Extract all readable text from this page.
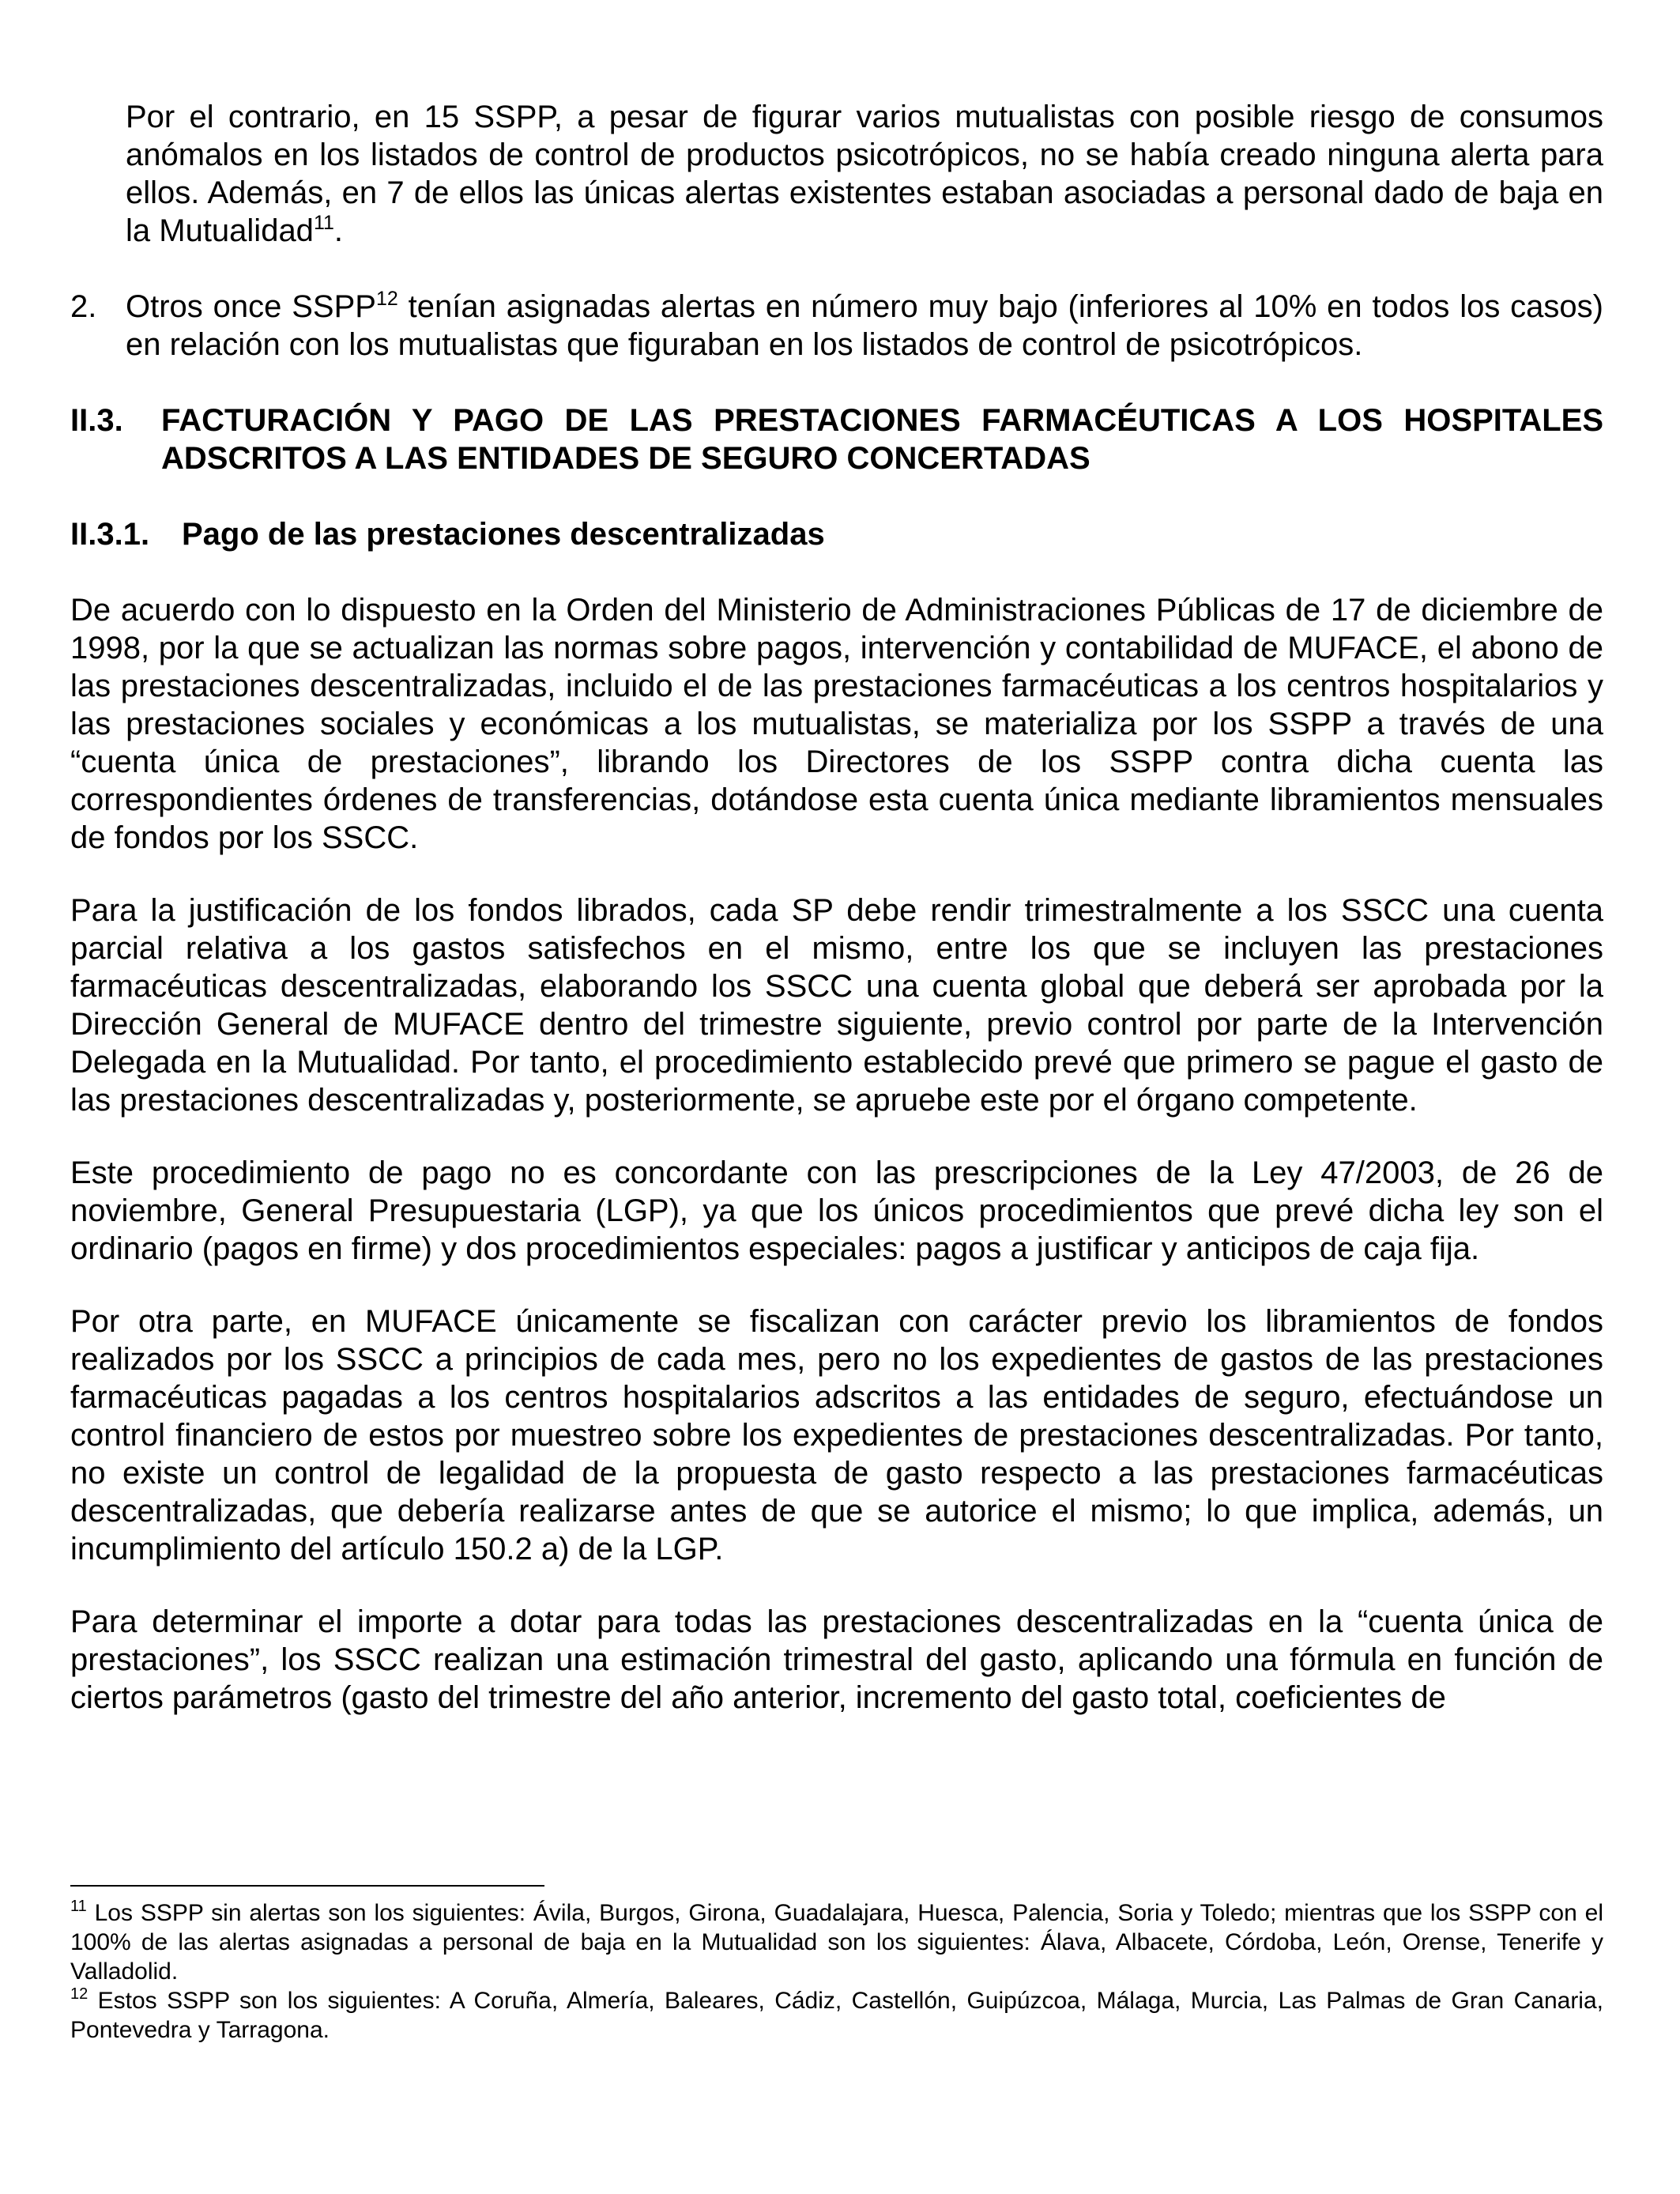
Por el contrario, en 15 SSPP, a pesar de figurar varios mutualistas con posible riesgo de consumos anómalos en los listados de control de productos psicotrópicos, no se había creado ninguna alerta para ellos. Además, en 7 de ellos las únicas alertas existentes estaban asociadas a personal dado de baja en la Mutualidad$^{11}$.

2. Otros once SSPP$^{12}$ tenían asignadas alertas en número muy bajo (inferiores al 10% en todos los casos) en relación con los mutualistas que figuraban en los listados de control de psicotrópicos.

II.3.	FACTURACIÓN Y PAGO DE LAS PRESTACIONES FARMACÉUTICAS A LOS HOSPITALES ADSCRITOS A LAS ENTIDADES DE SEGURO CONCERTADAS
II.3.1.	Pago de las prestaciones descentralizadas

De acuerdo con lo dispuesto en la Orden del Ministerio de Administraciones Públicas de 17 de diciembre de 1998, por la que se actualizan las normas sobre pagos, intervención y contabilidad de MUFACE, el abono de las prestaciones descentralizadas, incluido el de las prestaciones farmacéuticas a los centros hospitalarios y las prestaciones sociales y económicas a los mutualistas, se materializa por los SSPP a través de una “cuenta única de prestaciones”, librando los Directores de los SSPP contra dicha cuenta las correspondientes órdenes de transferencias, dotándose esta cuenta única mediante libramientos mensuales de fondos por los SSCC.

Para la justificación de los fondos librados, cada SP debe rendir trimestralmente a los SSCC una cuenta parcial relativa a los gastos satisfechos en el mismo, entre los que se incluyen las prestaciones farmacéuticas descentralizadas, elaborando los SSCC una cuenta global que deberá ser aprobada por la Dirección General de MUFACE dentro del trimestre siguiente, previo control por parte de la Intervención Delegada en la Mutualidad. Por tanto, el procedimiento establecido prevé que primero se pague el gasto de las prestaciones descentralizadas y, posteriormente, se apruebe este por el órgano competente.

Este procedimiento de pago no es concordante con las prescripciones de la Ley 47/2003, de 26 de noviembre, General Presupuestaria (LGP), ya que los únicos procedimientos que prevé dicha ley son el ordinario (pagos en firme) y dos procedimientos especiales: pagos a justificar y anticipos de caja fija.

Por otra parte, en MUFACE únicamente se fiscalizan con carácter previo los libramientos de fondos realizados por los SSCC a principios de cada mes, pero no los expedientes de gastos de las prestaciones farmacéuticas pagadas a los centros hospitalarios adscritos a las entidades de seguro, efectuándose un control financiero de estos por muestreo sobre los expedientes de prestaciones descentralizadas. Por tanto, no existe un control de legalidad de la propuesta de gasto respecto a las prestaciones farmacéuticas descentralizadas, que debería realizarse antes de que se autorice el mismo; lo que implica, además, un incumplimiento del artículo 150.2 a) de la LGP.

Para determinar el importe a dotar para todas las prestaciones descentralizadas en la “cuenta única de prestaciones”, los SSCC realizan una estimación trimestral del gasto, aplicando una fórmula en función de ciertos parámetros (gasto del trimestre del año anterior, incremento del gasto total, coeficientes de

$^{11}$ Los SSPP sin alertas son los siguientes: Ávila, Burgos, Girona, Guadalajara, Huesca, Palencia, Soria y Toledo; mientras que los SSPP con el 100% de las alertas asignadas a personal de baja en la Mutualidad son los siguientes: Álava, Albacete, Córdoba, León, Orense, Tenerife y Valladolid.

$^{12}$ Estos SSPP son los siguientes: A Coruña, Almería, Baleares, Cádiz, Castellón, Guipúzcoa, Málaga, Murcia, Las Palmas de Gran Canaria, Pontevedra y Tarragona.
